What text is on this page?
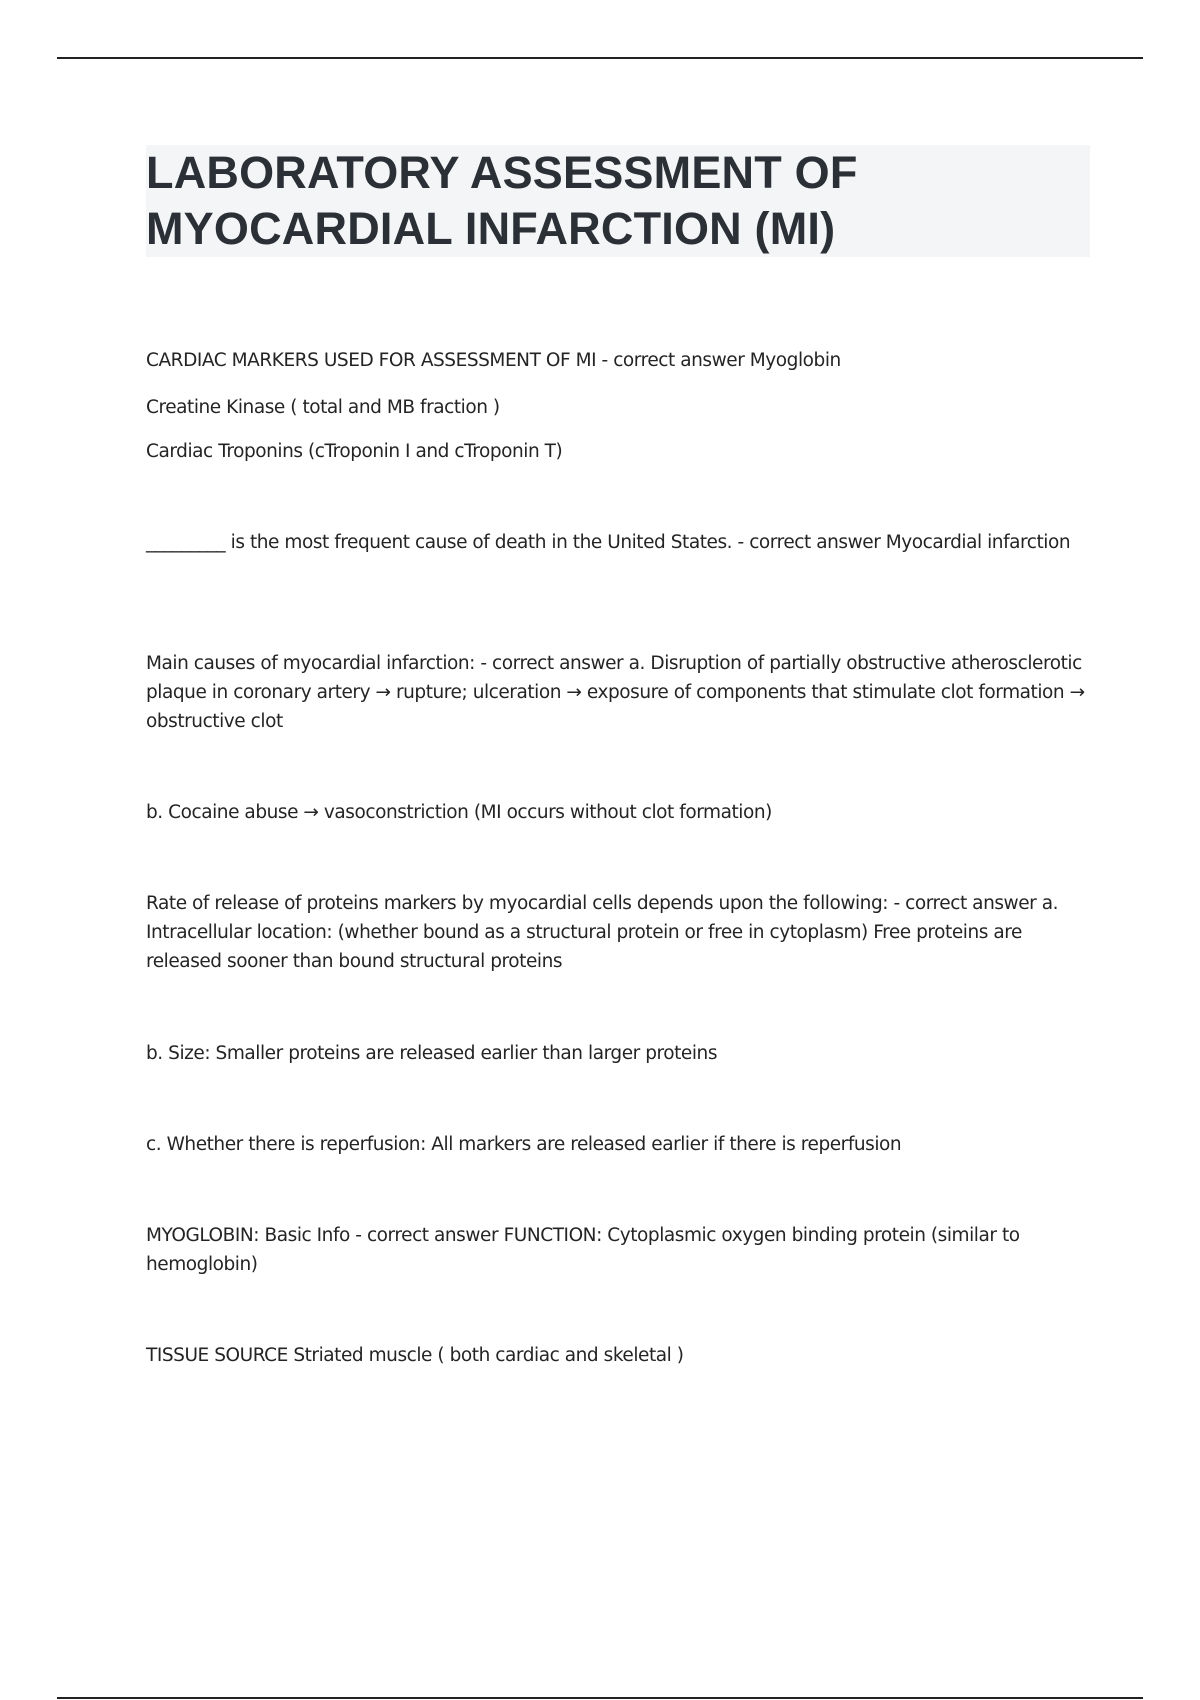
LABORATORY ASSESSMENT OF
MYOCARDIAL INFARCTION (MI)
CARDIAC MARKERS USED FOR ASSESSMENT OF MI - correct answer Myoglobin
Creatine Kinase ( total and MB fraction )
Cardiac Troponins (cTroponin I and cTroponin T)
_________ is the most frequent cause of death in the United States. - correct answer Myocardial infarction
Main causes of myocardial infarction: - correct answer a. Disruption of partially obstructive atherosclerotic plaque in coronary artery → rupture; ulceration → exposure of components that stimulate clot formation → obstructive clot
b. Cocaine abuse → vasoconstriction (MI occurs without clot formation)
Rate of release of proteins markers by myocardial cells depends upon the following: - correct answer a. Intracellular location: (whether bound as a structural protein or free in cytoplasm) Free proteins are released sooner than bound structural proteins
b. Size: Smaller proteins are released earlier than larger proteins
c. Whether there is reperfusion: All markers are released earlier if there is reperfusion
MYOGLOBIN: Basic Info - correct answer FUNCTION: Cytoplasmic oxygen binding protein (similar to hemoglobin)
TISSUE SOURCE Striated muscle ( both cardiac and skeletal )
